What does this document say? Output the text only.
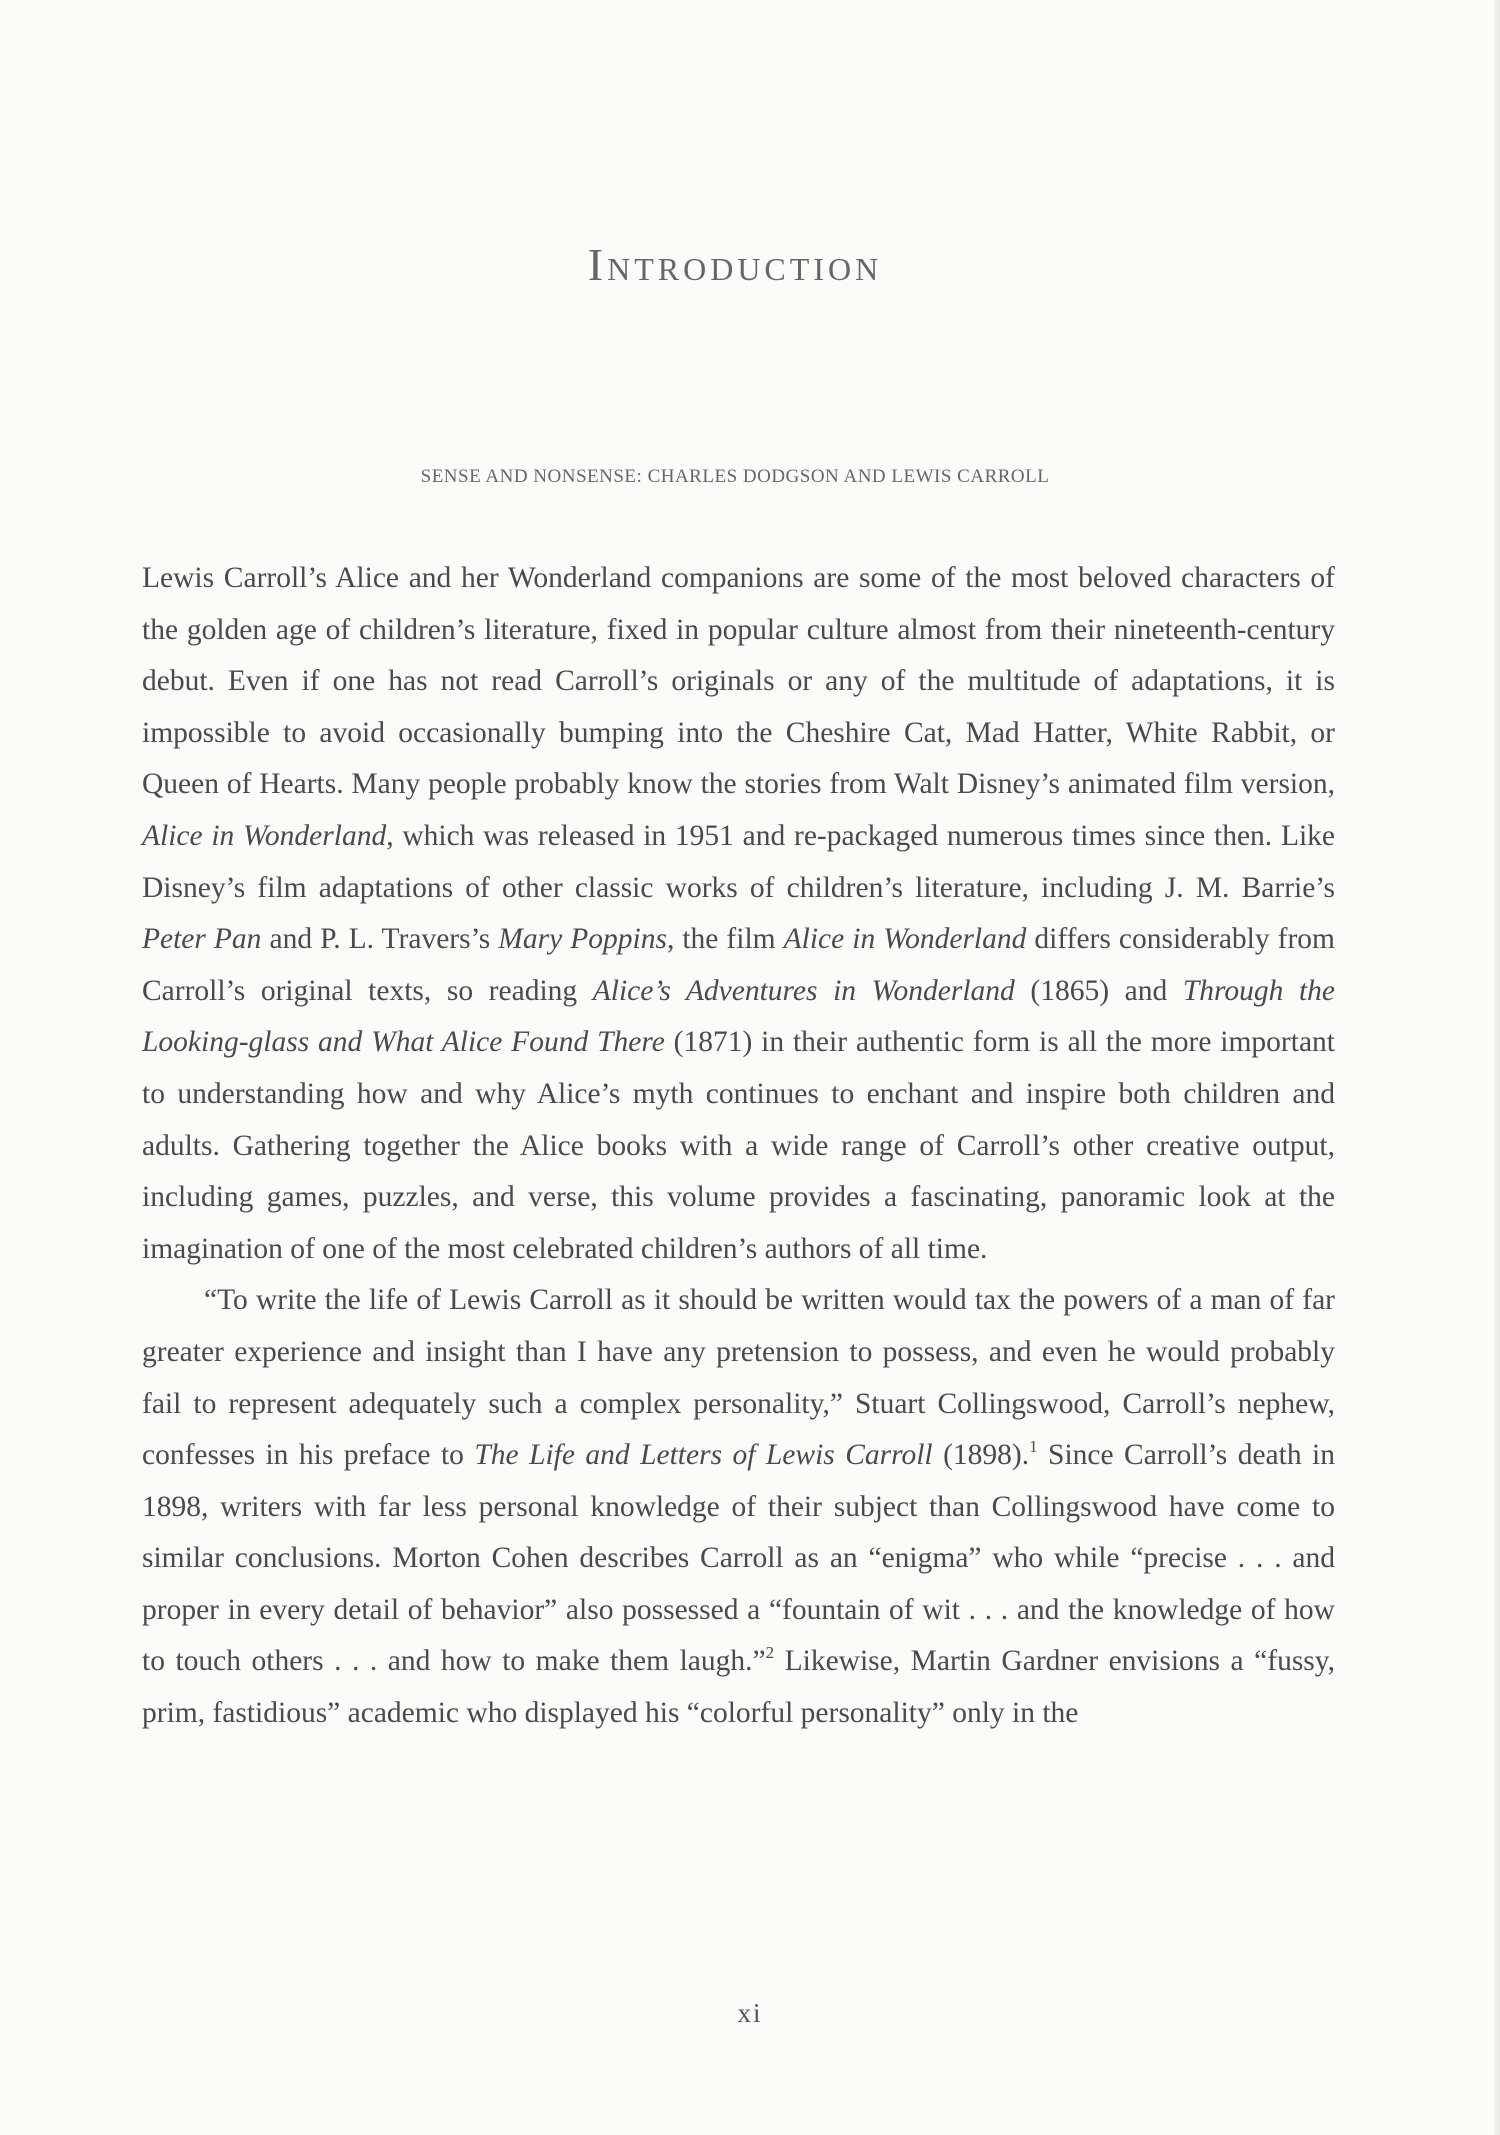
Introduction
SENSE AND NONSENSE: CHARLES DODGSON AND LEWIS CARROLL

Lewis Carroll’s Alice and her Wonderland companions are some of the most beloved characters of the golden age of children’s literature, fixed in popular culture almost from their nineteenth-century debut. Even if one has not read Carroll’s originals or any of the multitude of adaptations, it is impossible to avoid occasionally bumping into the Cheshire Cat, Mad Hatter, White Rabbit, or Queen of Hearts. Many people probably know the stories from Walt Disney’s animated film version, Alice in Wonderland, which was released in 1951 and re-packaged numerous times since then. Like Disney’s film adaptations of other classic works of children’s literature, including J. M. Barrie’s Peter Pan and P. L. Travers’s Mary Poppins, the film Alice in Wonderland differs considerably from Carroll’s original texts, so reading Alice’s Adventures in Wonderland (1865) and Through the Looking-glass and What Alice Found There (1871) in their authentic form is all the more important to understanding how and why Alice’s myth continues to enchant and inspire both children and adults. Gathering together the Alice books with a wide range of Carroll’s other creative output, including games, puzzles, and verse, this volume provides a fascinating, panoramic look at the imagination of one of the most celebrated children’s authors of all time.

“To write the life of Lewis Carroll as it should be written would tax the powers of a man of far greater experience and insight than I have any pretension to possess, and even he would probably fail to represent adequately such a complex personality,” Stuart Collingswood, Carroll’s nephew, confesses in his preface to The Life and Letters of Lewis Carroll (1898).$^1$ Since Carroll’s death in 1898, writers with far less personal knowledge of their subject than Collingswood have come to similar conclusions. Morton Cohen describes Carroll as an “enigma” who while “precise . . . and proper in every detail of behavior” also possessed a “fountain of wit . . . and the knowledge of how to touch others . . . and how to make them laugh.”$^2$ Likewise, Martin Gardner envisions a “fussy, prim, fastidious” academic who displayed his “colorful personality” only in the

xi
